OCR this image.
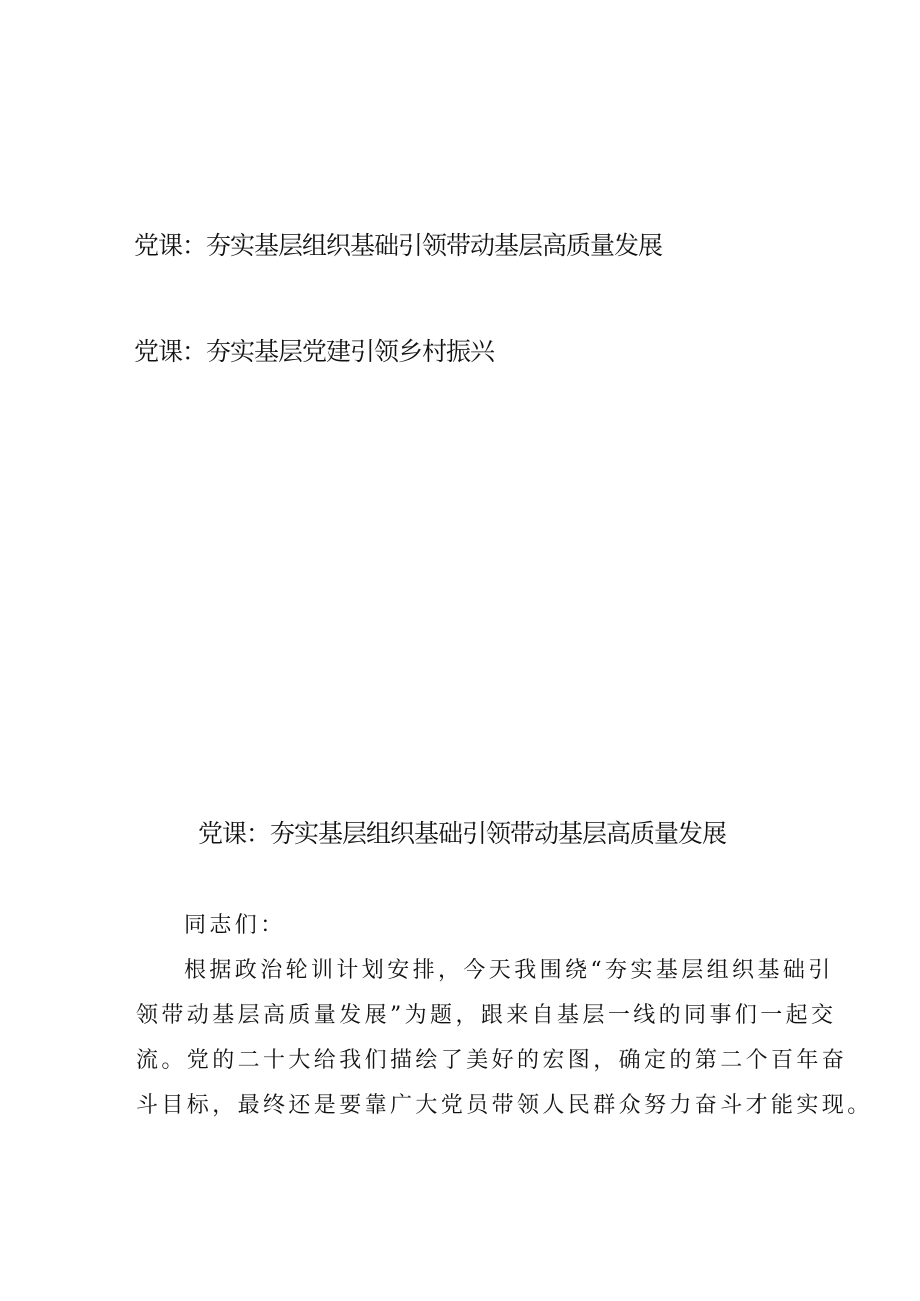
党课：夯实基层组织基础引领带动基层高质量发展
党课：夯实基层党建引领乡村振兴
党课：夯实基层组织基础引领带动基层高质量发展

同志们：

根据政治轮训计划安排，今天我围绕“夯实基层组织基础引
领带动基层高质量发展”为题，跟来自基层一线的同事们一起交
流。党的二十大给我们描绘了美好的宏图，确定的第二个百年奋
斗目标，最终还是要靠广大党员带领人民群众努力奋斗才能实现。
